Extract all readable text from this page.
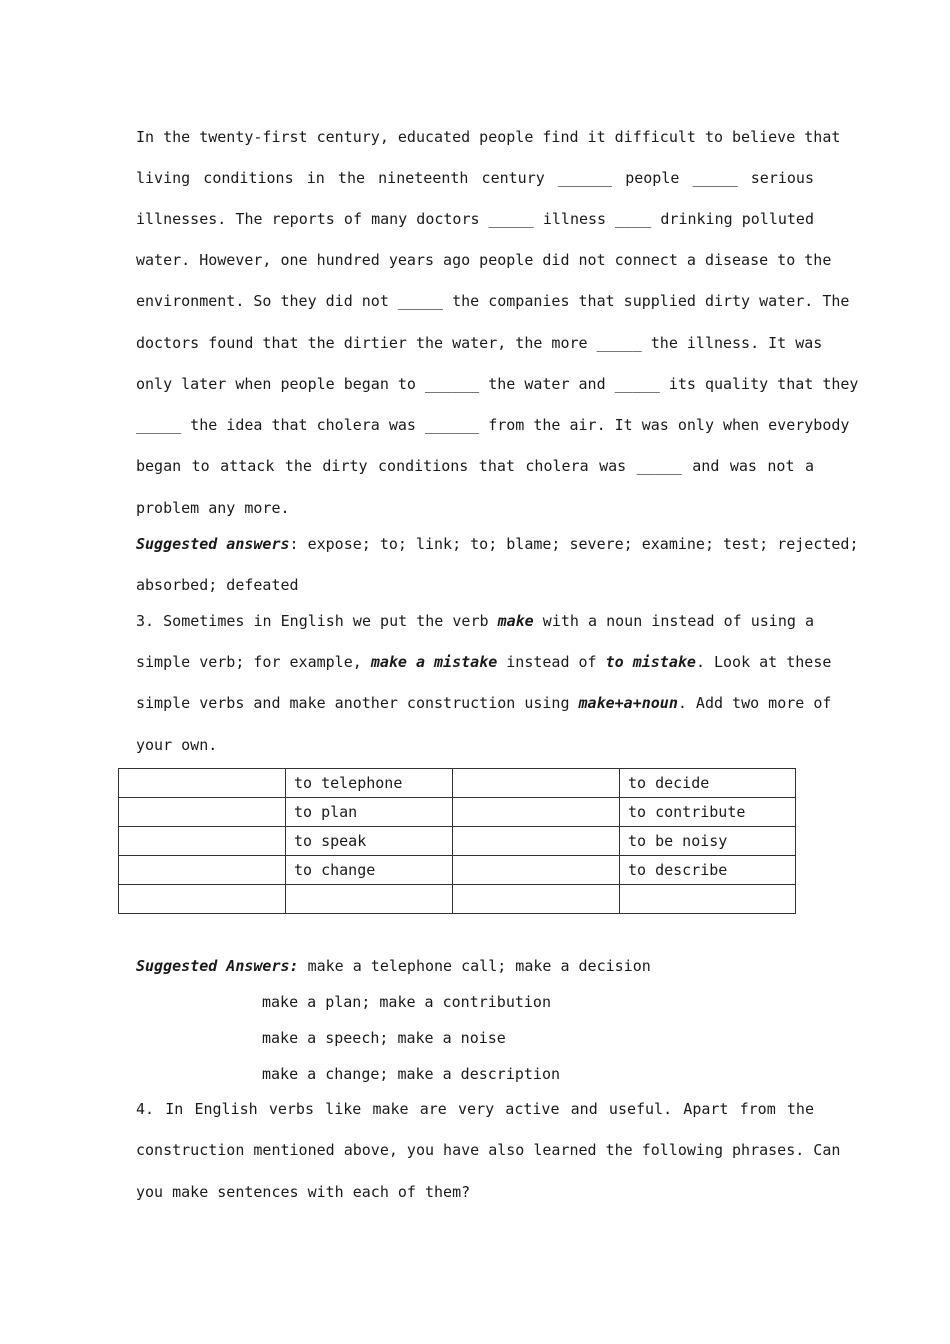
In the twenty-first century, educated people find it difficult to believe that
living conditions in the nineteenth century ______ people _____ serious
illnesses. The reports of many doctors _____ illness ____ drinking polluted
water. However, one hundred years ago people did not connect a disease to the
environment. So they did not _____ the companies that supplied dirty water. The
doctors found that the dirtier the water, the more _____ the illness. It was
only later when people began to ______ the water and _____ its quality that they
_____ the idea that cholera was ______ from the air. It was only when everybody
began to attack the dirty conditions that cholera was _____ and was not a
problem any more.
Suggested answers: expose; to; link; to; blame; severe; examine; test; rejected;
absorbed; defeated
3. Sometimes in English we put the verb make with a noun instead of using a
simple verb; for example, make a mistake instead of to mistake. Look at these
simple verbs and make another construction using make+a+noun. Add two more of
your own.
	to telephone		to decide
	to plan		to contribute
	to speak		to be noisy
	to change		to describe

Suggested Answers: make a telephone call; make a decision
make a plan; make a contribution
make a speech; make a noise
make a change; make a description
4. In English verbs like make are very active and useful. Apart from the
construction mentioned above, you have also learned the following phrases. Can
you make sentences with each of them?
